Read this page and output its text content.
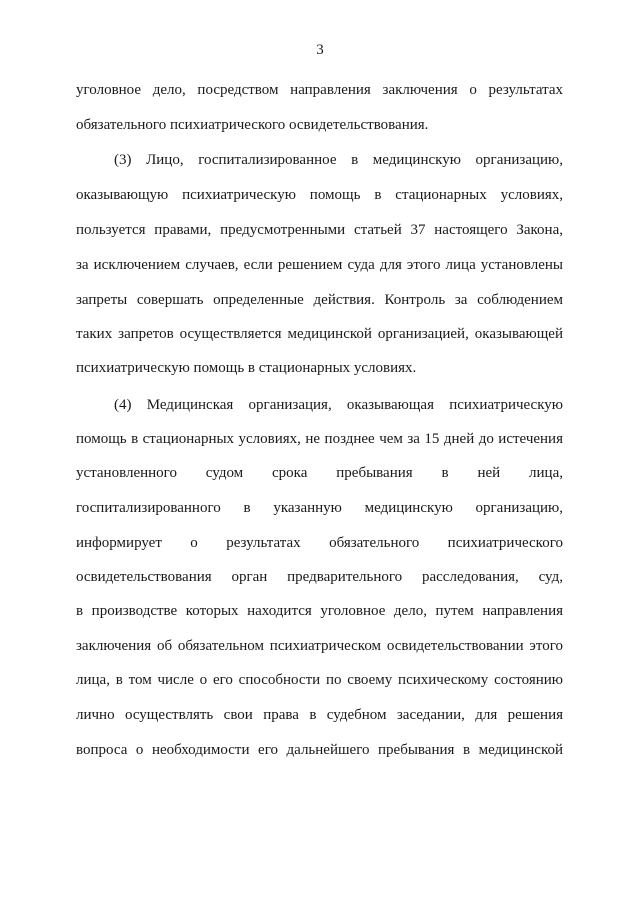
3
уголовное дело, посредством направления заключения о результатах
обязательного психиатрического освидетельствования.
(3) Лицо, госпитализированное в медицинскую организацию,
оказывающую психиатрическую помощь в стационарных условиях,
пользуется правами, предусмотренными статьей 37 настоящего Закона,
за исключением случаев, если решением суда для этого лица установлены
запреты совершать определенные действия. Контроль за соблюдением
таких запретов осуществляется медицинской организацией, оказывающей
психиатрическую помощь в стационарных условиях.
(4) Медицинская организация, оказывающая психиатрическую
помощь в стационарных условиях, не позднее чем за 15 дней до истечения
установленного судом срока пребывания в ней лица,
госпитализированного в указанную медицинскую организацию,
информирует о результатах обязательного психиатрического
освидетельствования орган предварительного расследования, суд,
в производстве которых находится уголовное дело, путем направления
заключения об обязательном психиатрическом освидетельствовании этого
лица, в том числе о его способности по своему психическому состоянию
лично осуществлять свои права в судебном заседании, для решения
вопроса о необходимости его дальнейшего пребывания в медицинской
